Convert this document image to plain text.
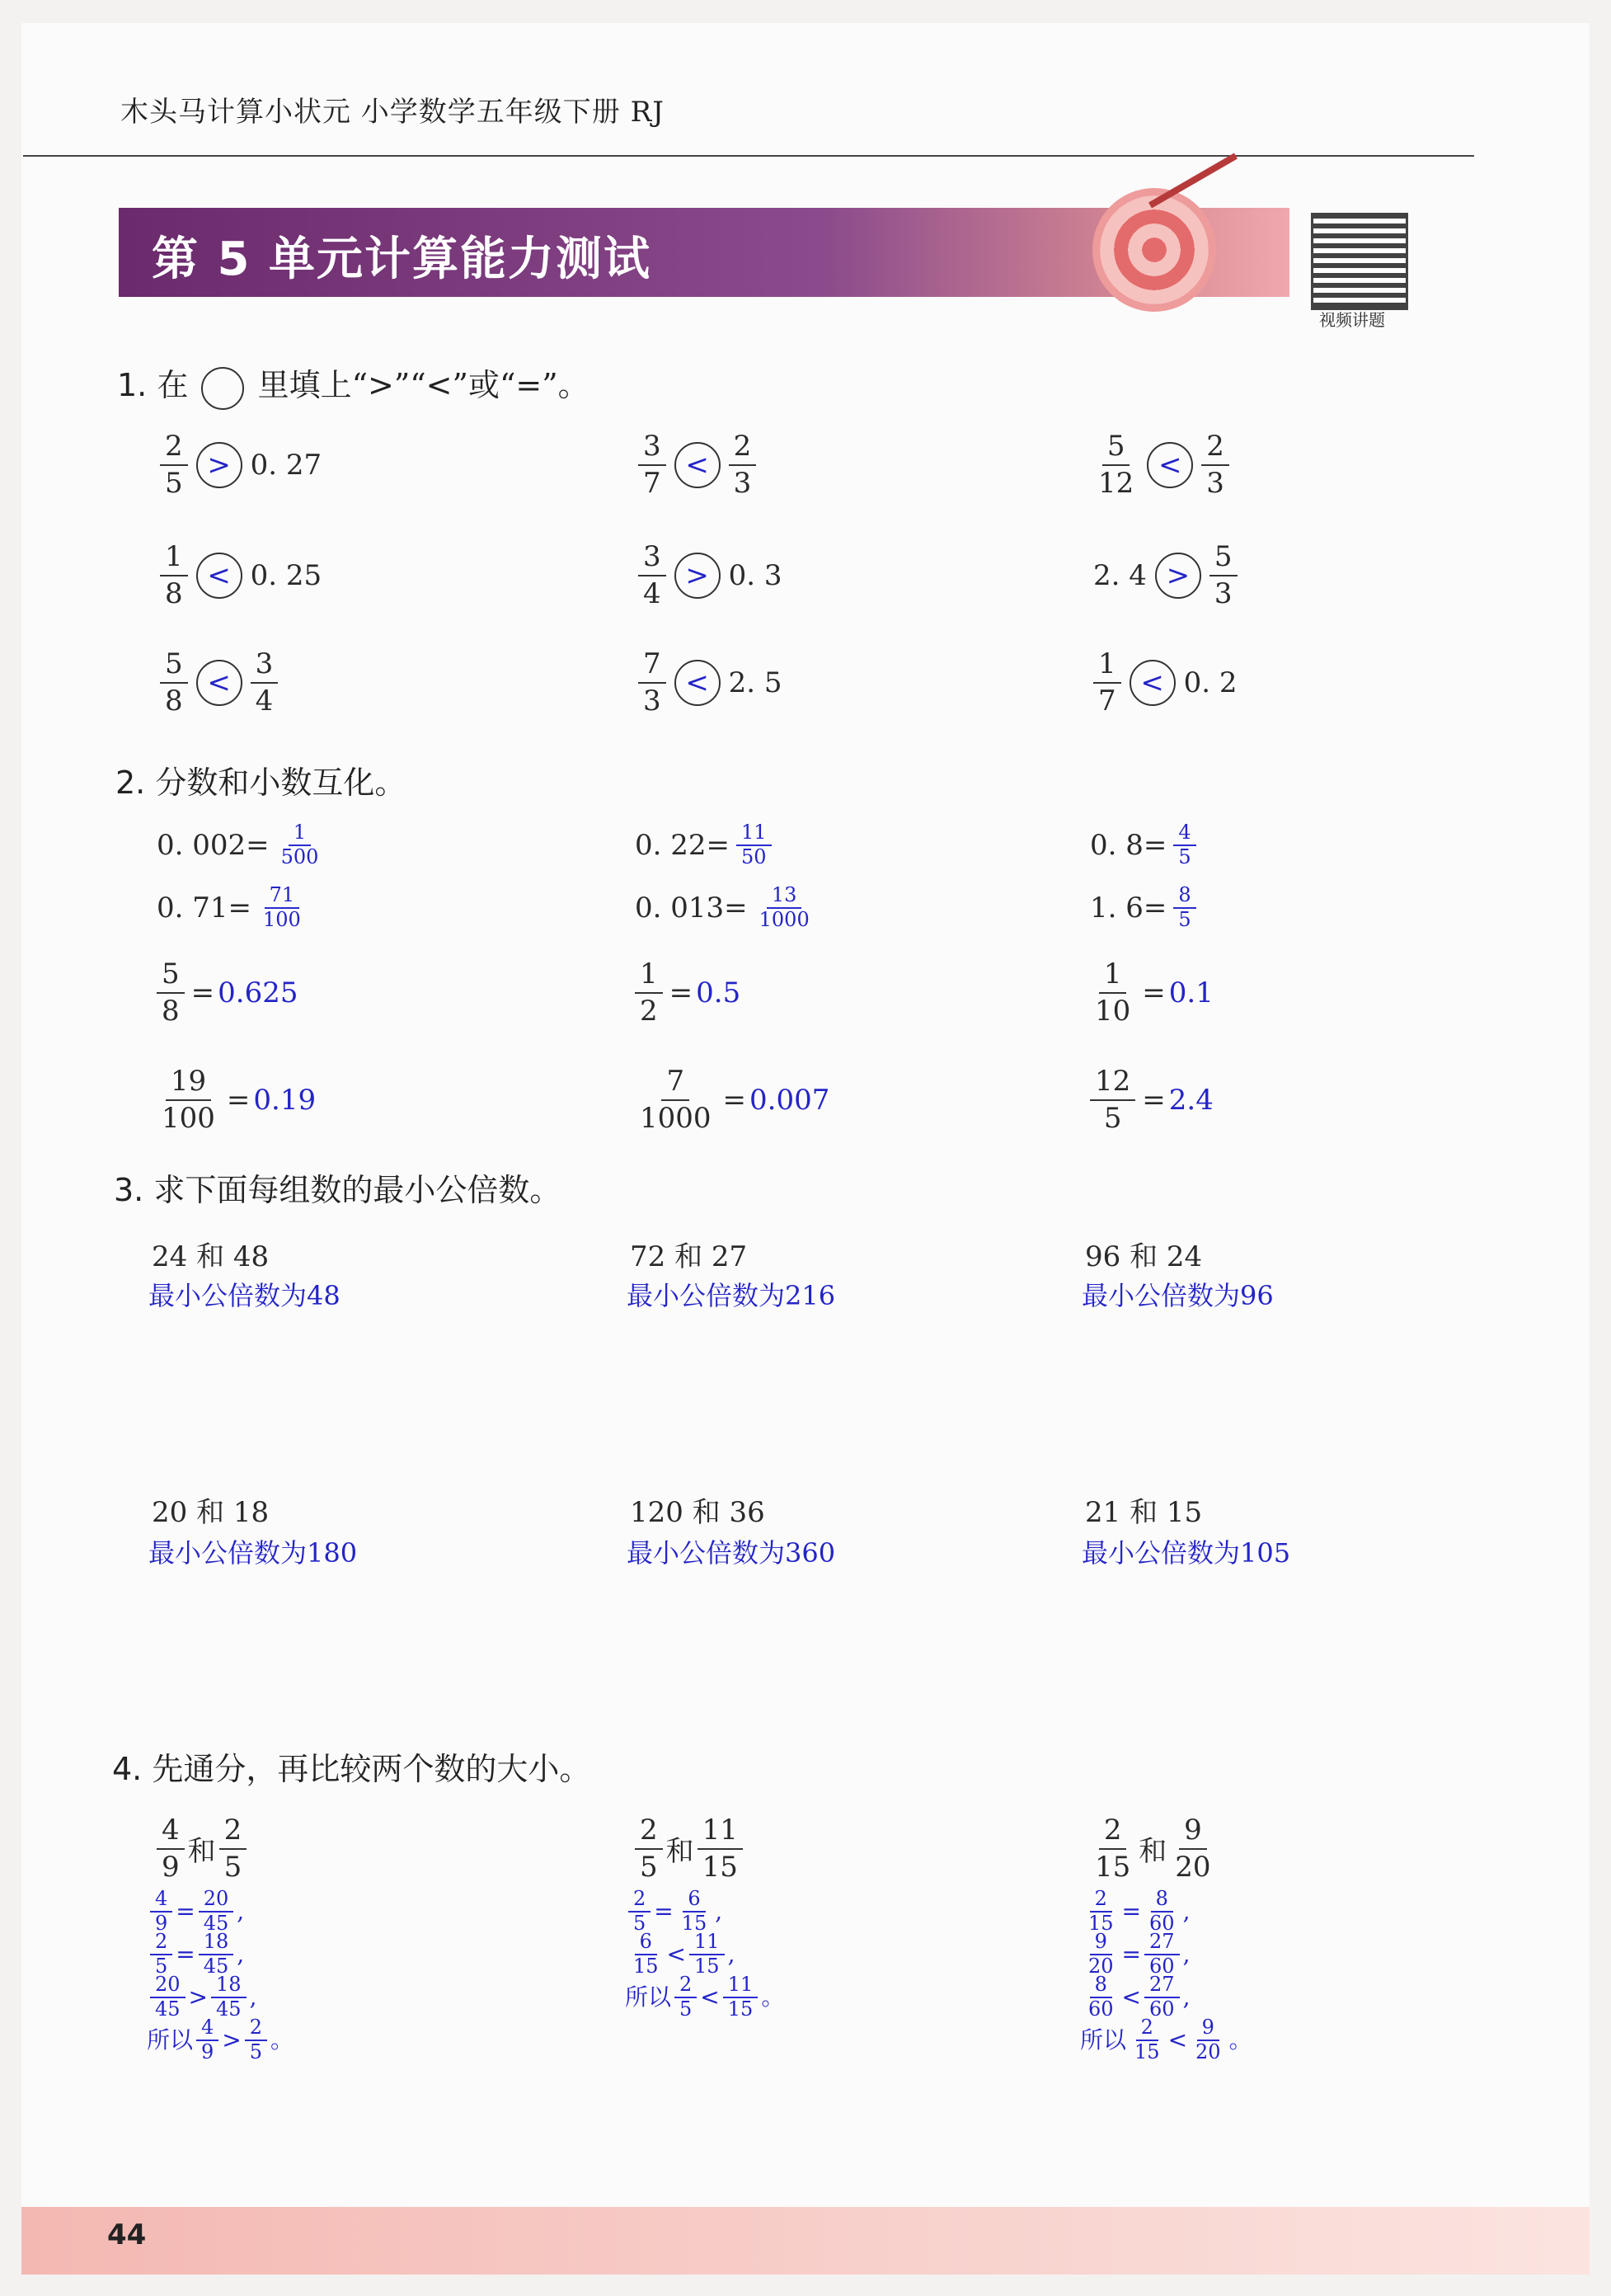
木头马计算小状元 小学数学五年级下册 RJ
第 5 单元计算能力测试
视频讲题
1. 在 里填上“>”“<”或“=”。
$\frac{2}{5} > 0$. 27	$\frac{3}{7} < \frac{2}{3}$	$\frac{5}{12} < \frac{2}{3}$
$\frac{1}{8} < 0$. 25	$\frac{3}{4} > 0$. 3	2. $4 > \frac{5}{3}$
$\frac{5}{8} < \frac{3}{4}$	$\frac{7}{3} < 2$. 5	$\frac{1}{7} < 0$. 2
2. 分数和小数互化。
0. $002= \frac{1}{500}$	0. $22= \frac{11}{50}$	0. $8= \frac{4}{5}$
0. $71= \frac{71}{100}$	0. $013= \frac{13}{1000}$	1. $6= \frac{8}{5}$
$\frac{5}{8} = 0.625$	$\frac{1}{2} = 0.5$	$\frac{1}{10} = 0.1$
$\frac{19}{100} = 0.19$	$\frac{7}{1000} = 0.007$	$\frac{12}{5} = 2.4$
3. 求下面每组数的最小公倍数。
24 和 48
最小公倍数为48
72 和 27
最小公倍数为216
96 和 24
最小公倍数为96
20 和 18
最小公倍数为180
120 和 36
最小公倍数为360
21 和 15
最小公倍数为105
4. 先通分，再比较两个数的大小。
$\frac{4}{9}$ 和 $\frac{2}{5}$
$\frac{4}{9} = \frac{20}{45}$ ,
$\frac{2}{5} = \frac{18}{45}$ ,
$\frac{20}{45} > \frac{18}{45}$ ,
所以 $\frac{4}{9} > \frac{2}{5}$ 。
$\frac{2}{5}$ 和 $\frac{11}{15}$
$\frac{2}{5} = \frac{6}{15}$ ,
$\frac{6}{15} < \frac{11}{15}$ ,
所以 $\frac{2}{5} < \frac{11}{15}$ 。
$\frac{2}{15}$ 和 $\frac{9}{20}$
$\frac{2}{15} = \frac{8}{60}$ ,
$\frac{9}{20} = \frac{27}{60}$ ,
$\frac{8}{60} < \frac{27}{60}$ ,
所以 $\frac{2}{15} < \frac{9}{20}$ 。
44
